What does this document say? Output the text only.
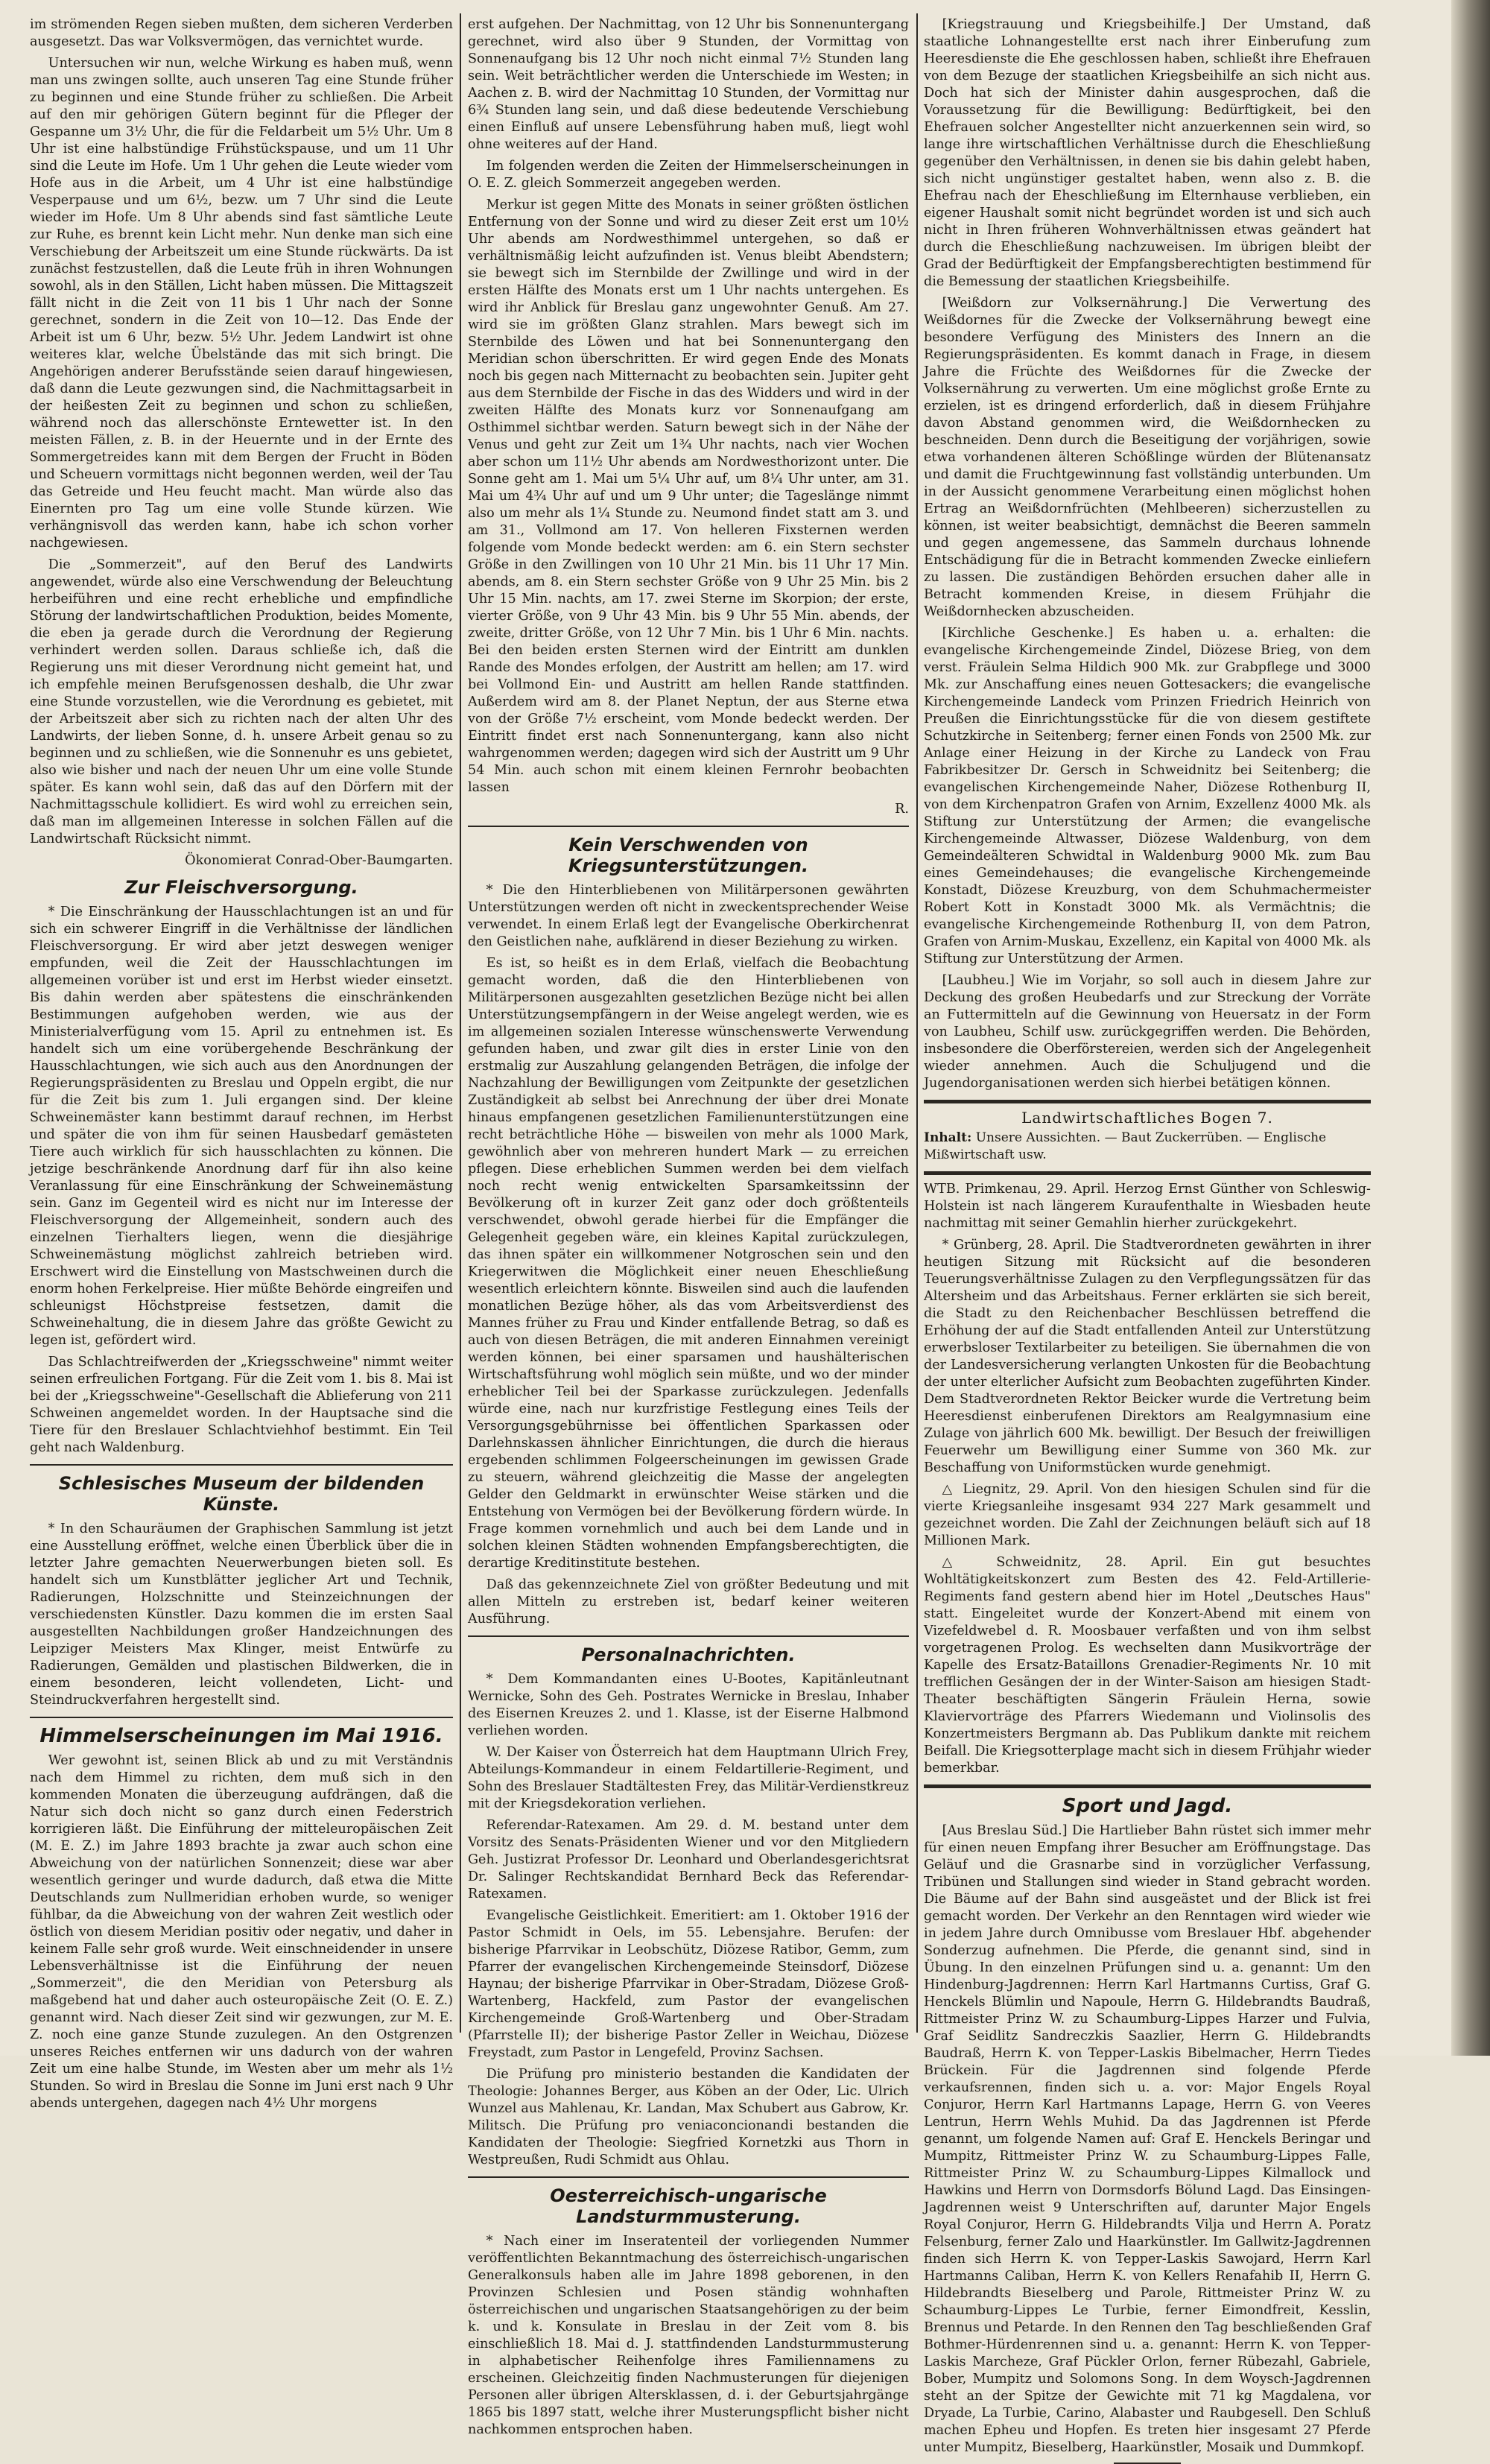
im strömenden Regen sieben mußten, dem sicheren Verderben ausgesetzt. Das war Volksvermögen, das vernichtet wurde.

Untersuchen wir nun, welche Wirkung es haben muß, wenn man uns zwingen sollte, auch unseren Tag eine Stunde früher zu beginnen und eine Stunde früher zu schließen. Die Arbeit auf den mir gehörigen Gütern beginnt für die Pfleger der Gespanne um 3½ Uhr, die für die Feldarbeit um 5½ Uhr. Um 8 Uhr ist eine halbstündige Frühstückspause, und um 11 Uhr sind die Leute im Hofe. Um 1 Uhr gehen die Leute wieder vom Hofe aus in die Arbeit, um 4 Uhr ist eine halbstündige Vesperpause und um 6½, bezw. um 7 Uhr sind die Leute wieder im Hofe. Um 8 Uhr abends sind fast sämtliche Leute zur Ruhe, es brennt kein Licht mehr. Nun denke man sich eine Verschiebung der Arbeitszeit um eine Stunde rückwärts. Da ist zunächst festzustellen, daß die Leute früh in ihren Wohnungen sowohl, als in den Ställen, Licht haben müssen. Die Mittagszeit fällt nicht in die Zeit von 11 bis 1 Uhr nach der Sonne gerechnet, sondern in die Zeit von 10—12. Das Ende der Arbeit ist um 6 Uhr, bezw. 5½ Uhr. Jedem Landwirt ist ohne weiteres klar, welche Übelstände das mit sich bringt. Die Angehörigen anderer Berufsstände seien darauf hingewiesen, daß dann die Leute gezwungen sind, die Nachmittagsarbeit in der heißesten Zeit zu beginnen und schon zu schließen, während noch das allerschönste Erntewetter ist. In den meisten Fällen, z. B. in der Heuernte und in der Ernte des Sommergetreides kann mit dem Bergen der Frucht in Böden und Scheuern vormittags nicht begonnen werden, weil der Tau das Getreide und Heu feucht macht. Man würde also das Einernten pro Tag um eine volle Stunde kürzen. Wie verhängnisvoll das werden kann, habe ich schon vorher nachgewiesen.

Die „Sommerzeit", auf den Beruf des Landwirts angewendet, würde also eine Verschwendung der Beleuchtung herbeiführen und eine recht erhebliche und empfindliche Störung der landwirtschaftlichen Produktion, beides Momente, die eben ja gerade durch die Verordnung der Regierung verhindert werden sollen. Daraus schließe ich, daß die Regierung uns mit dieser Verordnung nicht gemeint hat, und ich empfehle meinen Berufsgenossen deshalb, die Uhr zwar eine Stunde vorzustellen, wie die Verordnung es gebietet, mit der Arbeitszeit aber sich zu richten nach der alten Uhr des Landwirts, der lieben Sonne, d. h. unsere Arbeit genau so zu beginnen und zu schließen, wie die Sonnenuhr es uns gebietet, also wie bisher und nach der neuen Uhr um eine volle Stunde später. Es kann wohl sein, daß das auf den Dörfern mit der Nachmittagsschule kollidiert. Es wird wohl zu erreichen sein, daß man im allgemeinen Interesse in solchen Fällen auf die Landwirtschaft Rücksicht nimmt.

Ökonomierat Conrad-Ober-Baumgarten.

Zur Fleischversorgung.

* Die Einschränkung der Hausschlachtungen ist an und für sich ein schwerer Eingriff in die Verhältnisse der ländlichen Fleischversorgung. Er wird aber jetzt deswegen weniger empfunden, weil die Zeit der Hausschlachtungen im allgemeinen vorüber ist und erst im Herbst wieder einsetzt. Bis dahin werden aber spätestens die einschränkenden Bestimmungen aufgehoben werden, wie aus der Ministerialverfügung vom 15. April zu entnehmen ist. Es handelt sich um eine vorübergehende Beschränkung der Hausschlachtungen, wie sich auch aus den Anordnungen der Regierungspräsidenten zu Breslau und Oppeln ergibt, die nur für die Zeit bis zum 1. Juli ergangen sind. Der kleine Schweinemäster kann bestimmt darauf rechnen, im Herbst und später die von ihm für seinen Hausbedarf gemästeten Tiere auch wirklich für sich hausschlachten zu können. Die jetzige beschränkende Anordnung darf für ihn also keine Veranlassung für eine Einschränkung der Schweinemästung sein. Ganz im Gegenteil wird es nicht nur im Interesse der Fleischversorgung der Allgemeinheit, sondern auch des einzelnen Tierhalters liegen, wenn die diesjährige Schweinemästung möglichst zahlreich betrieben wird. Erschwert wird die Einstellung von Mastschweinen durch die enorm hohen Ferkelpreise. Hier müßte Behörde eingreifen und schleunigst Höchstpreise festsetzen, damit die Schweinehaltung, die in diesem Jahre das größte Gewicht zu legen ist, gefördert wird.

Das Schlachtreifwerden der „Kriegsschweine" nimmt weiter seinen erfreulichen Fortgang. Für die Zeit vom 1. bis 8. Mai ist bei der „Kriegsschweine"-Gesellschaft die Ablieferung von 211 Schweinen angemeldet worden. In der Hauptsache sind die Tiere für den Breslauer Schlachtviehhof bestimmt. Ein Teil geht nach Waldenburg.

Schlesisches Museum der bildenden Künste.

* In den Schauräumen der Graphischen Sammlung ist jetzt eine Ausstellung eröffnet, welche einen Überblick über die in letzter Jahre gemachten Neuerwerbungen bieten soll. Es handelt sich um Kunstblätter jeglicher Art und Technik, Radierungen, Holzschnitte und Steinzeichnungen der verschiedensten Künstler. Dazu kommen die im ersten Saal ausgestellten Nachbildungen großer Handzeichnungen des Leipziger Meisters Max Klinger, meist Entwürfe zu Radierungen, Gemälden und plastischen Bildwerken, die in einem besonderen, leicht vollendeten, Licht- und Steindruckverfahren hergestellt sind.

Himmelserscheinungen im Mai 1916.

Wer gewohnt ist, seinen Blick ab und zu mit Verständnis nach dem Himmel zu richten, dem muß sich in den kommenden Monaten die überzeugung aufdrängen, daß die Natur sich doch nicht so ganz durch einen Federstrich korrigieren läßt. Die Einführung der mitteleuropäischen Zeit (M. E. Z.) im Jahre 1893 brachte ja zwar auch schon eine Abweichung von der natürlichen Sonnenzeit; diese war aber wesentlich geringer und wurde dadurch, daß etwa die Mitte Deutschlands zum Nullmeridian erhoben wurde, so weniger fühlbar, da die Abweichung von der wahren Zeit westlich oder östlich von diesem Meridian positiv oder negativ, und daher in keinem Falle sehr groß wurde. Weit einschneidender in unsere Lebensverhältnisse ist die Einführung der neuen „Sommerzeit", die den Meridian von Petersburg als maßgebend hat und daher auch osteuropäische Zeit (O. E. Z.) genannt wird. Nach dieser Zeit sind wir gezwungen, zur M. E. Z. noch eine ganze Stunde zuzulegen. An den Ostgrenzen unseres Reiches entfernen wir uns dadurch von der wahren Zeit um eine halbe Stunde, im Westen aber um mehr als 1½ Stunden. So wird in Breslau die Sonne im Juni erst nach 9 Uhr abends untergehen, dagegen nach 4½ Uhr morgens

erst aufgehen. Der Nachmittag, von 12 Uhr bis Sonnenuntergang gerechnet, wird also über 9 Stunden, der Vormittag von Sonnenaufgang bis 12 Uhr noch nicht einmal 7½ Stunden lang sein. Weit beträchtlicher werden die Unterschiede im Westen; in Aachen z. B. wird der Nachmittag 10 Stunden, der Vormittag nur 6¾ Stunden lang sein, und daß diese bedeutende Verschiebung einen Einfluß auf unsere Lebensführung haben muß, liegt wohl ohne weiteres auf der Hand.

Im folgenden werden die Zeiten der Himmelserscheinungen in O. E. Z. gleich Sommerzeit angegeben werden.

Merkur ist gegen Mitte des Monats in seiner größten östlichen Entfernung von der Sonne und wird zu dieser Zeit erst um 10½ Uhr abends am Nordwesthimmel untergehen, so daß er verhältnismäßig leicht aufzufinden ist. Venus bleibt Abendstern; sie bewegt sich im Sternbilde der Zwillinge und wird in der ersten Hälfte des Monats erst um 1 Uhr nachts untergehen. Es wird ihr Anblick für Breslau ganz ungewohnter Genuß. Am 27. wird sie im größten Glanz strahlen. Mars bewegt sich im Sternbilde des Löwen und hat bei Sonnenuntergang den Meridian schon überschritten. Er wird gegen Ende des Monats noch bis gegen nach Mitternacht zu beobachten sein. Jupiter geht aus dem Sternbilde der Fische in das des Widders und wird in der zweiten Hälfte des Monats kurz vor Sonnenaufgang am Osthimmel sichtbar werden. Saturn bewegt sich in der Nähe der Venus und geht zur Zeit um 1¾ Uhr nachts, nach vier Wochen aber schon um 11½ Uhr abends am Nordwesthorizont unter. Die Sonne geht am 1. Mai um 5¼ Uhr auf, um 8¼ Uhr unter, am 31. Mai um 4¾ Uhr auf und um 9 Uhr unter; die Tageslänge nimmt also um mehr als 1¼ Stunde zu. Neumond findet statt am 3. und am 31., Vollmond am 17. Von helleren Fixsternen werden folgende vom Monde bedeckt werden: am 6. ein Stern sechster Größe in den Zwillingen von 10 Uhr 21 Min. bis 11 Uhr 17 Min. abends, am 8. ein Stern sechster Größe von 9 Uhr 25 Min. bis 2 Uhr 15 Min. nachts, am 17. zwei Sterne im Skorpion; der erste, vierter Größe, von 9 Uhr 43 Min. bis 9 Uhr 55 Min. abends, der zweite, dritter Größe, von 12 Uhr 7 Min. bis 1 Uhr 6 Min. nachts. Bei den beiden ersten Sternen wird der Eintritt am dunklen Rande des Mondes erfolgen, der Austritt am hellen; am 17. wird bei Vollmond Ein- und Austritt am hellen Rande stattfinden. Außerdem wird am 8. der Planet Neptun, der aus Sterne etwa von der Größe 7½ erscheint, vom Monde bedeckt werden. Der Eintritt findet erst nach Sonnenuntergang, kann also nicht wahrgenommen werden; dagegen wird sich der Austritt um 9 Uhr 54 Min. auch schon mit einem kleinen Fernrohr beobachten lassen

R.

Kein Verschwenden von Kriegsunterstützungen.

* Die den Hinterbliebenen von Militärpersonen gewährten Unterstützungen werden oft nicht in zweckentsprechender Weise verwendet. In einem Erlaß legt der Evangelische Oberkirchenrat den Geistlichen nahe, aufklärend in dieser Beziehung zu wirken.

Es ist, so heißt es in dem Erlaß, vielfach die Beobachtung gemacht worden, daß die den Hinterbliebenen von Militärpersonen ausgezahlten gesetzlichen Bezüge nicht bei allen Unterstützungsempfängern in der Weise angelegt werden, wie es im allgemeinen sozialen Interesse wünschenswerte Verwendung gefunden haben, und zwar gilt dies in erster Linie von den erstmalig zur Auszahlung gelangenden Beträgen, die infolge der Nachzahlung der Bewilligungen vom Zeitpunkte der gesetzlichen Zuständigkeit ab selbst bei Anrechnung der über drei Monate hinaus empfangenen gesetzlichen Familienunterstützungen eine recht beträchtliche Höhe — bisweilen von mehr als 1000 Mark, gewöhnlich aber von mehreren hundert Mark — zu erreichen pflegen. Diese erheblichen Summen werden bei dem vielfach noch recht wenig entwickelten Sparsamkeitssinn der Bevölkerung oft in kurzer Zeit ganz oder doch größtenteils verschwendet, obwohl gerade hierbei für die Empfänger die Gelegenheit gegeben wäre, ein kleines Kapital zurückzulegen, das ihnen später ein willkommener Notgroschen sein und den Kriegerwitwen die Möglichkeit einer neuen Eheschließung wesentlich erleichtern könnte. Bisweilen sind auch die laufenden monatlichen Bezüge höher, als das vom Arbeitsverdienst des Mannes früher zu Frau und Kinder entfallende Betrag, so daß es auch von diesen Beträgen, die mit anderen Einnahmen vereinigt werden können, bei einer sparsamen und haushälterischen Wirtschaftsführung wohl möglich sein müßte, und wo der minder erheblicher Teil bei der Sparkasse zurückzulegen. Jedenfalls würde eine, nach nur kurzfristige Festlegung eines Teils der Versorgungsgebührnisse bei öffentlichen Sparkassen oder Darlehnskassen ähnlicher Einrichtungen, die durch die hieraus ergebenden schlimmen Folgeerscheinungen im gewissen Grade zu steuern, während gleichzeitig die Masse der angelegten Gelder den Geldmarkt in erwünschter Weise stärken und die Entstehung von Vermögen bei der Bevölkerung fördern würde. In Frage kommen vornehmlich und auch bei dem Lande und in solchen kleinen Städten wohnenden Empfangsberechtigten, die derartige Kreditinstitute bestehen.

Daß das gekennzeichnete Ziel von größter Bedeutung und mit allen Mitteln zu erstreben ist, bedarf keiner weiteren Ausführung.

Personalnachrichten.

* Dem Kommandanten eines U-Bootes, Kapitänleutnant Wernicke, Sohn des Geh. Postrates Wernicke in Breslau, Inhaber des Eisernen Kreuzes 2. und 1. Klasse, ist der Eiserne Halbmond verliehen worden.

W. Der Kaiser von Österreich hat dem Hauptmann Ulrich Frey, Abteilungs-Kommandeur in einem Feldartillerie-Regiment, und Sohn des Breslauer Stadtältesten Frey, das Militär-Verdienstkreuz mit der Kriegsdekoration verliehen.

Referendar-Ratexamen. Am 29. d. M. bestand unter dem Vorsitz des Senats-Präsidenten Wiener und vor den Mitgliedern Geh. Justizrat Professor Dr. Leonhard und Oberlandesgerichtsrat Dr. Salinger Rechtskandidat Bernhard Beck das Referendar-Ratexamen.

Evangelische Geistlichkeit. Emeritiert: am 1. Oktober 1916 der Pastor Schmidt in Oels, im 55. Lebensjahre. Berufen: der bisherige Pfarrvikar in Leobschütz, Diözese Ratibor, Gemm, zum Pfarrer der evangelischen Kirchengemeinde Steinsdorf, Diözese Haynau; der bisherige Pfarrvikar in Ober-Stradam, Diözese Groß-Wartenberg, Hackfeld, zum Pastor der evangelischen Kirchengemeinde Groß-Wartenberg und Ober-Stradam (Pfarrstelle II); der bisherige Pastor Zeller in Weichau, Diözese Freystadt, zum Pastor in Lengefeld, Provinz Sachsen.

Die Prüfung pro ministerio bestanden die Kandidaten der Theologie: Johannes Berger, aus Köben an der Oder, Lic. Ulrich Wunzel aus Mahlenau, Kr. Landan, Max Schubert aus Gabrow, Kr. Militsch. Die Prüfung pro veniaconcionandi bestanden die Kandidaten der Theologie: Siegfried Kornetzki aus Thorn in Westpreußen, Rudi Schmidt aus Ohlau.

Oesterreichisch-ungarische Landsturmmusterung.

* Nach einer im Inseratenteil der vorliegenden Nummer veröffentlichten Bekanntmachung des österreichisch-ungarischen Generalkonsuls haben alle im Jahre 1898 geborenen, in den Provinzen Schlesien und Posen ständig wohnhaften österreichischen und ungarischen Staatsangehörigen zu der beim k. und k. Konsulate in Breslau in der Zeit vom 8. bis einschließlich 18. Mai d. J. stattfindenden Landsturmmusterung in alphabetischer Reihenfolge ihres Familiennamens zu erscheinen. Gleichzeitig finden Nachmusterungen für diejenigen Personen aller übrigen Altersklassen, d. i. der Geburtsjahrgänge 1865 bis 1897 statt, welche ihrer Musterungspflicht bisher nicht nachkommen entsprochen haben.

[Kriegstrauung und Kriegsbeihilfe.] Der Umstand, daß staatliche Lohnangestellte erst nach ihrer Einberufung zum Heeresdienste die Ehe geschlossen haben, schließt ihre Ehefrauen von dem Bezuge der staatlichen Kriegsbeihilfe an sich nicht aus. Doch hat sich der Minister dahin ausgesprochen, daß die Voraussetzung für die Bewilligung: Bedürftigkeit, bei den Ehefrauen solcher Angestellter nicht anzuerkennen sein wird, so lange ihre wirtschaftlichen Verhältnisse durch die Eheschließung gegenüber den Verhältnissen, in denen sie bis dahin gelebt haben, sich nicht ungünstiger gestaltet haben, wenn also z. B. die Ehefrau nach der Eheschließung im Elternhause verblieben, ein eigener Haushalt somit nicht begründet worden ist und sich auch nicht in Ihren früheren Wohnverhältnissen etwas geändert hat durch die Eheschließung nachzuweisen. Im übrigen bleibt der Grad der Bedürftigkeit der Empfangsberechtigten bestimmend für die Bemessung der staatlichen Kriegsbeihilfe.

[Weißdorn zur Volksernährung.] Die Verwertung des Weißdornes für die Zwecke der Volksernährung bewegt eine besondere Verfügung des Ministers des Innern an die Regierungspräsidenten. Es kommt danach in Frage, in diesem Jahre die Früchte des Weißdornes für die Zwecke der Volksernährung zu verwerten. Um eine möglichst große Ernte zu erzielen, ist es dringend erforderlich, daß in diesem Frühjahre davon Abstand genommen wird, die Weißdornhecken zu beschneiden. Denn durch die Beseitigung der vorjährigen, sowie etwa vorhandenen älteren Schößlinge würden der Blütenansatz und damit die Fruchtgewinnung fast vollständig unterbunden. Um in der Aussicht genommene Verarbeitung einen möglichst hohen Ertrag an Weißdornfrüchten (Mehlbeeren) sicherzustellen zu können, ist weiter beabsichtigt, demnächst die Beeren sammeln und gegen angemessene, das Sammeln durchaus lohnende Entschädigung für die in Betracht kommenden Zwecke einliefern zu lassen. Die zuständigen Behörden ersuchen daher alle in Betracht kommenden Kreise, in diesem Frühjahr die Weißdornhecken abzuscheiden.

[Kirchliche Geschenke.] Es haben u. a. erhalten: die evangelische Kirchengemeinde Zindel, Diözese Brieg, von dem verst. Fräulein Selma Hildich 900 Mk. zur Grabpflege und 3000 Mk. zur Anschaffung eines neuen Gottesackers; die evangelische Kirchengemeinde Landeck vom Prinzen Friedrich Heinrich von Preußen die Einrichtungsstücke für die von diesem gestiftete Schutzkirche in Seitenberg; ferner einen Fonds von 2500 Mk. zur Anlage einer Heizung in der Kirche zu Landeck von Frau Fabrikbesitzer Dr. Gersch in Schweidnitz bei Seitenberg; die evangelischen Kirchengemeinde Naher, Diözese Rothenburg II, von dem Kirchenpatron Grafen von Arnim, Exzellenz 4000 Mk. als Stiftung zur Unterstützung der Armen; die evangelische Kirchengemeinde Altwasser, Diözese Waldenburg, von dem Gemeindeälteren Schwidtal in Waldenburg 9000 Mk. zum Bau eines Gemeindehauses; die evangelische Kirchengemeinde Konstadt, Diözese Kreuzburg, von dem Schuhmachermeister Robert Kott in Konstadt 3000 Mk. als Vermächtnis; die evangelische Kirchengemeinde Rothenburg II, von dem Patron, Grafen von Arnim-Muskau, Exzellenz, ein Kapital von 4000 Mk. als Stiftung zur Unterstützung der Armen.

[Laubheu.] Wie im Vorjahr, so soll auch in diesem Jahre zur Deckung des großen Heubedarfs und zur Streckung der Vorräte an Futtermitteln auf die Gewinnung von Heuersatz in der Form von Laubheu, Schilf usw. zurückgegriffen werden. Die Behörden, insbesondere die Oberförstereien, werden sich der Angelegenheit wieder annehmen. Auch die Schuljugend und die Jugendorganisationen werden sich hierbei betätigen können.

Landwirtschaftliches Bogen 7.
Inhalt: Unsere Aussichten. — Baut Zuckerrüben. — Englische Mißwirtschaft usw.

WTB. Primkenau, 29. April. Herzog Ernst Günther von Schleswig-Holstein ist nach längerem Kuraufenthalte in Wiesbaden heute nachmittag mit seiner Gemahlin hierher zurückgekehrt.

* Grünberg, 28. April. Die Stadtverordneten gewährten in ihrer heutigen Sitzung mit Rücksicht auf die besonderen Teuerungsverhältnisse Zulagen zu den Verpflegungssätzen für das Altersheim und das Arbeitshaus. Ferner erklärten sie sich bereit, die Stadt zu den Reichenbacher Beschlüssen betreffend die Erhöhung der auf die Stadt entfallenden Anteil zur Unterstützung erwerbsloser Textilarbeiter zu beteiligen. Sie übernahmen die von der Landesversicherung verlangten Unkosten für die Beobachtung der unter elterlicher Aufsicht zum Beobachten zugeführten Kinder. Dem Stadtverordneten Rektor Beicker wurde die Vertretung beim Heeresdienst einberufenen Direktors am Realgymnasium eine Zulage von jährlich 600 Mk. bewilligt. Der Besuch der freiwilligen Feuerwehr um Bewilligung einer Summe von 360 Mk. zur Beschaffung von Uniformstücken wurde genehmigt.

△ Liegnitz, 29. April. Von den hiesigen Schulen sind für die vierte Kriegsanleihe insgesamt 934 227 Mark gesammelt und gezeichnet worden. Die Zahl der Zeichnungen beläuft sich auf 18 Millionen Mark.

△ Schweidnitz, 28. April. Ein gut besuchtes Wohltätigkeitskonzert zum Besten des 42. Feld-Artillerie-Regiments fand gestern abend hier im Hotel „Deutsches Haus" statt. Eingeleitet wurde der Konzert-Abend mit einem von Vizefeldwebel d. R. Moosbauer verfaßten und von ihm selbst vorgetragenen Prolog. Es wechselten dann Musikvorträge der Kapelle des Ersatz-Bataillons Grenadier-Regiments Nr. 10 mit trefflichen Gesängen der in der Winter-Saison am hiesigen Stadt-Theater beschäftigten Sängerin Fräulein Herna, sowie Klaviervorträge des Pfarrers Wiedemann und Violinsolis des Konzertmeisters Bergmann ab. Das Publikum dankte mit reichem Beifall. Die Kriegsotterplage macht sich in diesem Frühjahr wieder bemerkbar.

Sport und Jagd.

[Aus Breslau Süd.] Die Hartlieber Bahn rüstet sich immer mehr für einen neuen Empfang ihrer Besucher am Eröffnungstage. Das Geläuf und die Grasnarbe sind in vorzüglicher Verfassung, Tribünen und Stallungen sind wieder in Stand gebracht worden. Die Bäume auf der Bahn sind ausgeästet und der Blick ist frei gemacht worden. Der Verkehr an den Renntagen wird wieder wie in jedem Jahre durch Omnibusse vom Breslauer Hbf. abgehender Sonderzug aufnehmen. Die Pferde, die genannt sind, sind in Übung. In den einzelnen Prüfungen sind u. a. genannt: Um den Hindenburg-Jagdrennen: Herrn Karl Hartmanns Curtiss, Graf G. Henckels Blümlin und Napoule, Herrn G. Hildebrandts Baudraß, Rittmeister Prinz W. zu Schaumburg-Lippes Harzer und Fulvia, Graf Seidlitz Sandreczkis Saazlier, Herrn G. Hildebrandts Baudraß, Herrn K. von Tepper-Laskis Bibelmacher, Herrn Tiedes Brückein. Für die Jagdrennen sind folgende Pferde verkaufsrennen, finden sich u. a. vor: Major Engels Royal Conjuror, Herrn Karl Hartmanns Lapage, Herrn G. von Veeres Lentrun, Herrn Wehls Muhid. Da das Jagdrennen ist Pferde genannt, um folgende Namen auf: Graf E. Henckels Beringar und Mumpitz, Rittmeister Prinz W. zu Schaumburg-Lippes Falle, Rittmeister Prinz W. zu Schaumburg-Lippes Kilmallock und Hawkins und Herrn von Dormsdorfs Bölund Lagd. Das Einsingen-Jagdrennen weist 9 Unterschriften auf, darunter Major Engels Royal Conjuror, Herrn G. Hildebrandts Vilja und Herrn A. Poratz Felsenburg, ferner Zalo und Haarkünstler. Im Gallwitz-Jagdrennen finden sich Herrn K. von Tepper-Laskis Sawojard, Herrn Karl Hartmanns Caliban, Herrn K. von Kellers Renafahib II, Herrn G. Hildebrandts Bieselberg und Parole, Rittmeister Prinz W. zu Schaumburg-Lippes Le Turbie, ferner Eimondfreit, Kesslin, Brennus und Petarde. In den Rennen den Tag beschließenden Graf Bothmer-Hürdenrennen sind u. a. genannt: Herrn K. von Tepper-Laskis Marcheze, Graf Pückler Orlon, ferner Rübezahl, Gabriele, Bober, Mumpitz und Solomons Song. In dem Woysch-Jagdrennen steht an der Spitze der Gewichte mit 71 kg Magdalena, vor Dryade, La Turbie, Carino, Alabaster und Raubgesell. Den Schluß machen Epheu und Hopfen. Es treten hier insgesamt 27 Pferde unter Mumpitz, Bieselberg, Haarkünstler, Mosaik und Dummkopf.
